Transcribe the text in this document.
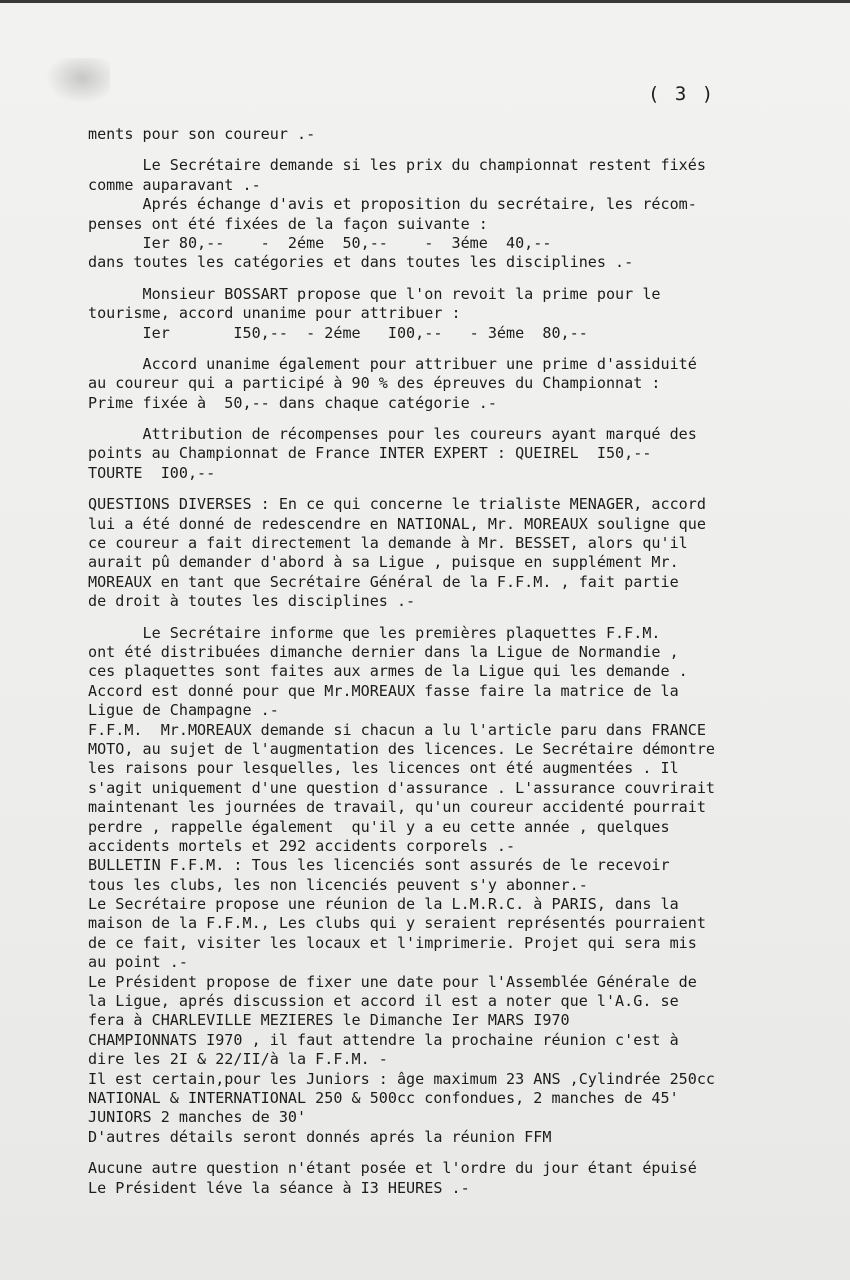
( 3 )
ments pour son coureur .-
Le Secrétaire demande si les prix du championnat restent fixés
comme auparavant .-
Aprés échange d'avis et proposition du secrétaire, les récom-
penses ont été fixées de la façon suivante :
Ier 80,--    -  2éme  50,--    -  3éme  40,--
dans toutes les catégories et dans toutes les disciplines .-
Monsieur BOSSART propose que l'on revoit la prime pour le
tourisme, accord unanime pour attribuer :
Ier       I50,--  - 2éme   I00,--   - 3éme  80,--
Accord unanime également pour attribuer une prime d'assiduité
au coureur qui a participé à 90 % des épreuves du Championnat :
Prime fixée à  50,-- dans chaque catégorie .-
Attribution de récompenses pour les coureurs ayant marqué des
points au Championnat de France INTER EXPERT : QUEIREL  I50,--
TOURTE  I00,--
QUESTIONS DIVERSES : En ce qui concerne le trialiste MENAGER, accord
lui a été donné de redescendre en NATIONAL, Mr. MOREAUX souligne que
ce coureur a fait directement la demande à Mr. BESSET, alors qu'il
aurait pû demander d'abord à sa Ligue , puisque en supplément Mr.
MOREAUX en tant que Secrétaire Général de la F.F.M. , fait partie
de droit à toutes les disciplines .-
Le Secrétaire informe que les premières plaquettes F.F.M.
ont été distribuées dimanche dernier dans la Ligue de Normandie ,
ces plaquettes sont faites aux armes de la Ligue qui les demande .
Accord est donné pour que Mr.MOREAUX fasse faire la matrice de la
Ligue de Champagne .-
F.F.M.  Mr.MOREAUX demande si chacun a lu l'article paru dans FRANCE
MOTO, au sujet de l'augmentation des licences. Le Secrétaire démontre
les raisons pour lesquelles, les licences ont été augmentées . Il
s'agit uniquement d'une question d'assurance . L'assurance couvrirait
maintenant les journées de travail, qu'un coureur accidenté pourrait
perdre , rappelle également  qu'il y a eu cette année , quelques
accidents mortels et 292 accidents corporels .-
BULLETIN F.F.M. : Tous les licenciés sont assurés de le recevoir
tous les clubs, les non licenciés peuvent s'y abonner.-
Le Secrétaire propose une réunion de la L.M.R.C. à PARIS, dans la
maison de la F.F.M., Les clubs qui y seraient représentés pourraient
de ce fait, visiter les locaux et l'imprimerie. Projet qui sera mis
au point .-
Le Président propose de fixer une date pour l'Assemblée Générale de
la Ligue, aprés discussion et accord il est a noter que l'A.G. se
fera à CHARLEVILLE MEZIERES le Dimanche Ier MARS I970
CHAMPIONNATS I970 , il faut attendre la prochaine réunion c'est à
dire les 2I & 22/II/à la F.F.M. -
Il est certain,pour les Juniors : âge maximum 23 ANS ,Cylindrée 250cc
NATIONAL & INTERNATIONAL 250 & 500cc confondues, 2 manches de 45'
JUNIORS 2 manches de 30'
D'autres détails seront donnés aprés la réunion FFM
Aucune autre question n'étant posée et l'ordre du jour étant épuisé
Le Président léve la séance à I3 HEURES .-
